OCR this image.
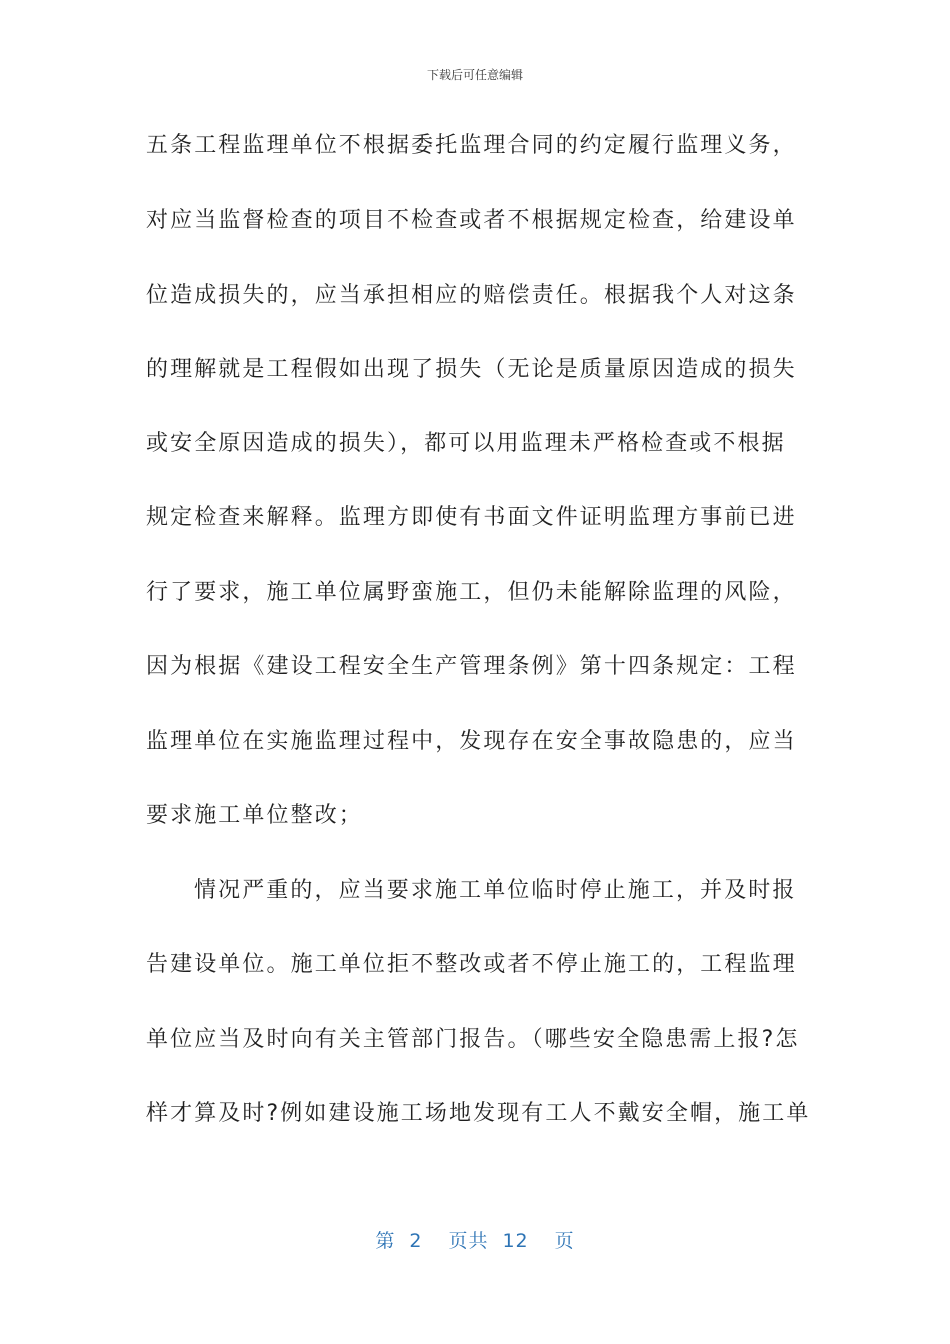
下载后可任意编辑
五条工程监理单位不根据委托监理合同的约定履行监理义务，
对应当监督检查的项目不检查或者不根据规定检查，给建设单
位造成损失的，应当承担相应的赔偿责任。根据我个人对这条
的理解就是工程假如出现了损失（无论是质量原因造成的损失
或安全原因造成的损失），都可以用监理未严格检查或不根据
规定检查来解释。监理方即使有书面文件证明监理方事前已进
行了要求，施工单位属野蛮施工，但仍未能解除监理的风险，
因为根据《建设工程安全生产管理条例》第十四条规定：工程
监理单位在实施监理过程中，发现存在安全事故隐患的，应当
要求施工单位整改；
情况严重的，应当要求施工单位临时停止施工，并及时报
告建设单位。施工单位拒不整改或者不停止施工的，工程监理
单位应当及时向有关主管部门报告。（哪些安全隐患需上报?怎
样才算及时?例如建设施工场地发现有工人不戴安全帽，施工单
第 2 页共 12 页
